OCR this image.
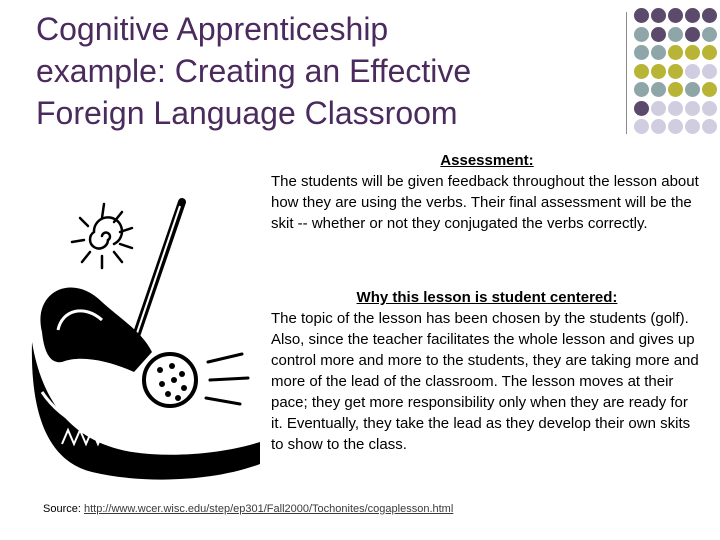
Cognitive Apprenticeship
example: Creating an Effective
Foreign Language Classroom
Assessment:
The students will be given feedback throughout the lesson about how they are using the verbs. Their final assessment will be the skit -- whether or not they conjugated the verbs correctly.
Why this lesson is student centered:
The topic of the lesson has been chosen by the students (golf). Also, since the teacher facilitates the whole lesson and gives up control more and more to the students, they are taking more and more of the lead of the classroom. The lesson moves at their pace; they get more responsibility only when they are ready for it. Eventually, they take the lead as they develop their own skits to show to the class.
Source: http://www.wcer.wisc.edu/step/ep301/Fall2000/Tochonites/cogaplesson.html
